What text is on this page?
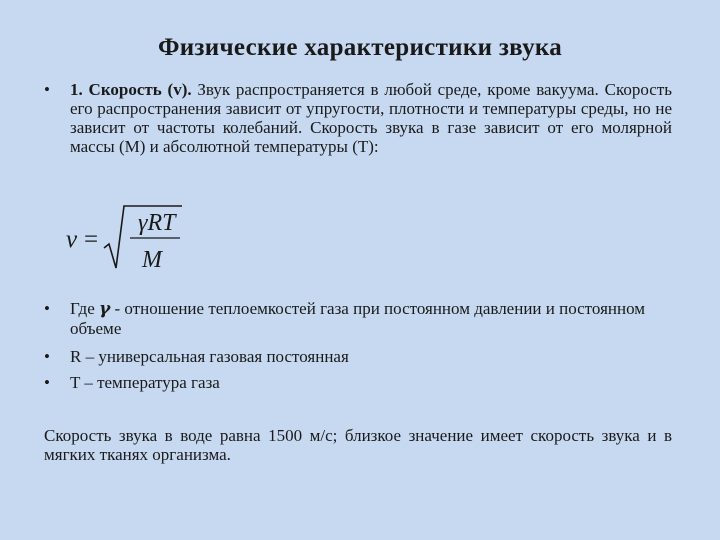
Физические характеристики звука
• 1. Скорость (v). Звук распространяется в любой среде, кроме вакуума. Скорость его распространения зависит от упругости, плотности и температуры среды, но не зависит от частоты колебаний. Скорость звука в газе зависит от его молярной массы (М) и абсолютной температуры (Т):
v =
γRT
M
• Где γ - отношение теплоемкостей газа при постоянном давлении и постоянном объеме
• R – универсальная газовая постоянная
• T – температура газа
Скорость звука в воде равна 1500 м/с; близкое значение имеет скорость звука и в мягких тканях организма.
